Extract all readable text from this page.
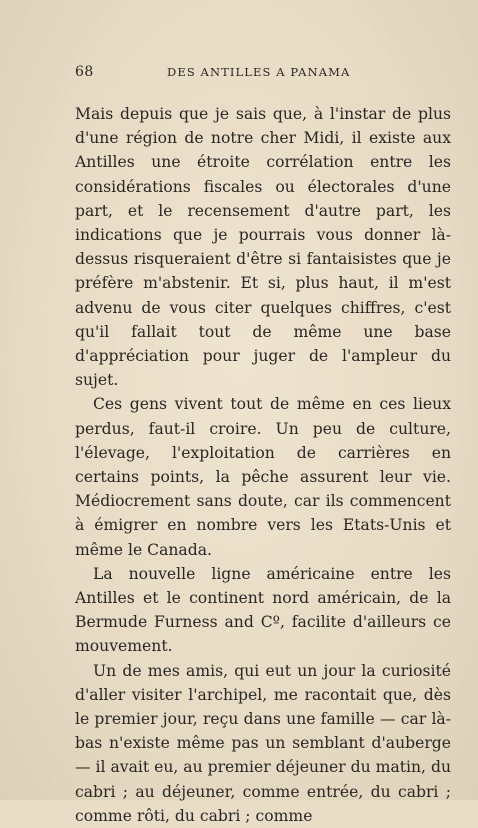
68	DES ANTILLES A PANAMA

Mais depuis que je sais que, à l'instar de plus d'une région de notre cher Midi, il existe aux Antilles une étroite corrélation entre les considérations fiscales ou électorales d'une part, et le recensement d'autre part, les indications que je pourrais vous donner là-dessus risqueraient d'être si fantaisistes que je préfère m'abstenir. Et si, plus haut, il m'est advenu de vous citer quelques chiffres, c'est qu'il fallait tout de même une base d'appréciation pour juger de l'ampleur du sujet.

Ces gens vivent tout de même en ces lieux perdus, faut-il croire. Un peu de culture, l'élevage, l'exploitation de carrières en certains points, la pêche assurent leur vie. Médiocrement sans doute, car ils commencent à émigrer en nombre vers les Etats-Unis et même le Canada.

La nouvelle ligne américaine entre les Antilles et le continent nord américain, de la Bermude Furness and Cº, facilite d'ailleurs ce mouvement.

Un de mes amis, qui eut un jour la curiosité d'aller visiter l'archipel, me racontait que, dès le premier jour, reçu dans une famille — car là-bas n'existe même pas un semblant d'auberge — il avait eu, au premier déjeuner du matin, du cabri ; au déjeuner, comme entrée, du cabri ; comme rôti, du cabri ; comme
